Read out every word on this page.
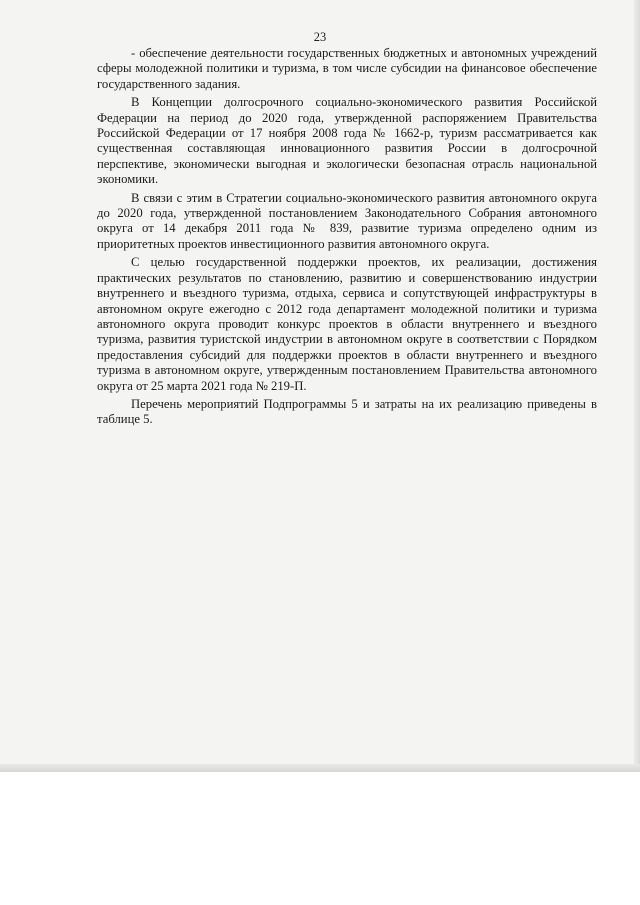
23

- обеспечение деятельности государственных бюджетных и автономных учреждений сферы молодежной политики и туризма, в том числе субсидии на финансовое обеспечение государственного задания.

В Концепции долгосрочного социально-экономического развития Российской Федерации на период до 2020 года, утвержденной распоряжением Правительства Российской Федерации от 17 ноября 2008 года № 1662-р, туризм рассматривается как существенная составляющая инновационного развития России в долгосрочной перспективе, экономически выгодная и экологически безопасная отрасль национальной экономики.

В связи с этим в Стратегии социально-экономического развития автономного округа до 2020 года, утвержденной постановлением Законодательного Собрания автономного округа от 14 декабря 2011 года № 839, развитие туризма определено одним из приоритетных проектов инвестиционного развития автономного округа.

С целью государственной поддержки проектов, их реализации, достижения практических результатов по становлению, развитию и совершенствованию индустрии внутреннего и въездного туризма, отдыха, сервиса и сопутствующей инфраструктуры в автономном округе ежегодно с 2012 года департамент молодежной политики и туризма автономного округа проводит конкурс проектов в области внутреннего и въездного туризма, развития туристской индустрии в автономном округе в соответствии с Порядком предоставления субсидий для поддержки проектов в области внутреннего и въездного туризма в автономном округе, утвержденным постановлением Правительства автономного округа от 25 марта 2021 года № 219-П.

Перечень мероприятий Подпрограммы 5 и затраты на их реализацию приведены в таблице 5.
